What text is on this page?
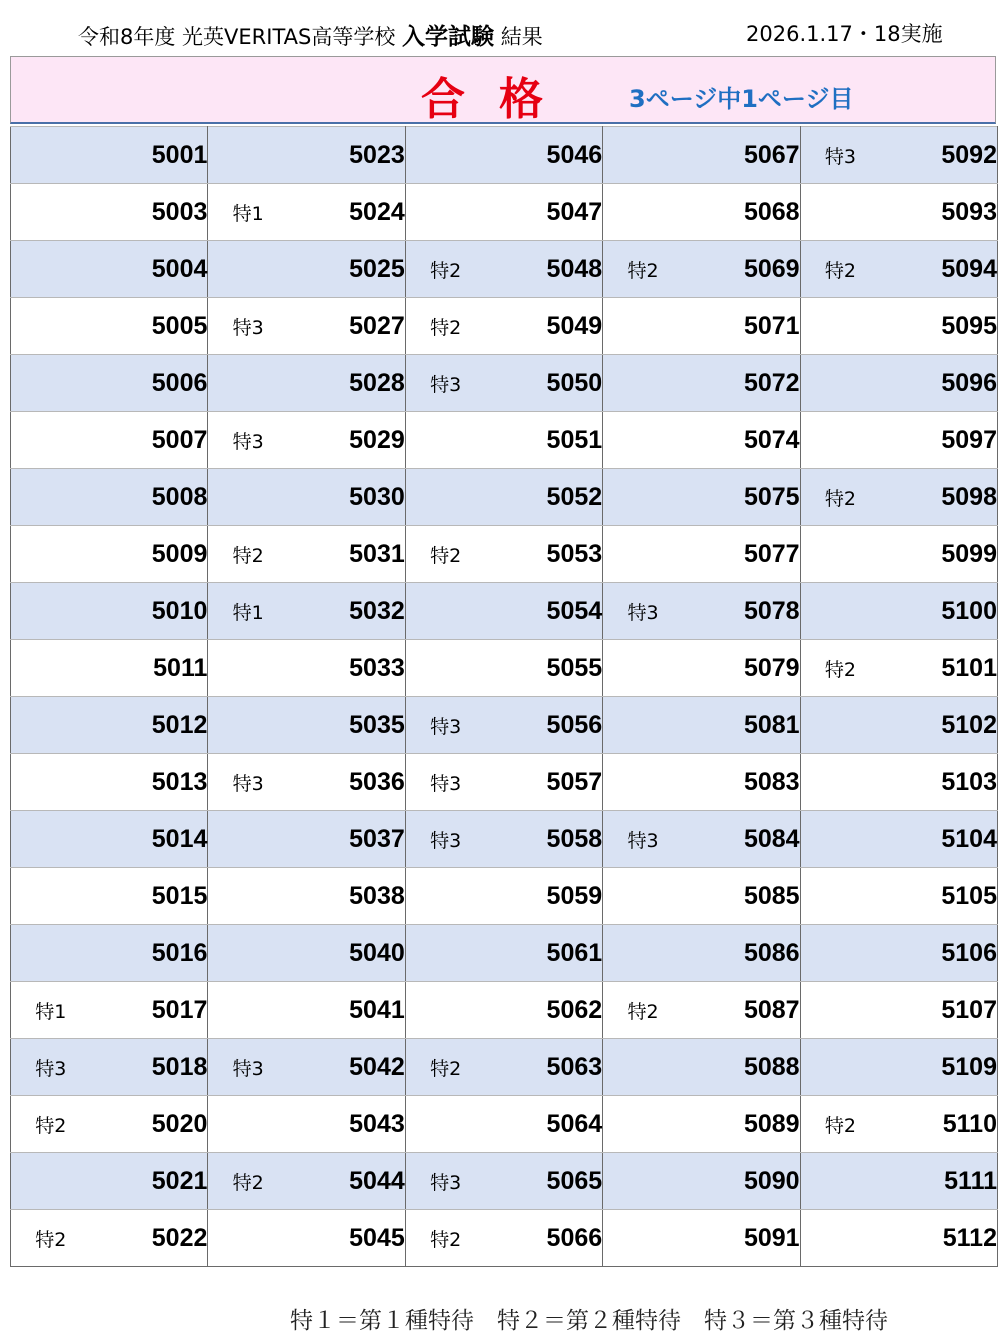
令和8年度 光英VERITAS高等学校 入学試験 結果	2026.1.17・18実施
合格 3ページ中1ページ目
	5001		5023		5046		5067	特3	5092
	5003	特1	5024		5047		5068		5093
	5004		5025	特2	5048	特2	5069	特2	5094
	5005	特3	5027	特2	5049		5071		5095
	5006		5028	特3	5050		5072		5096
	5007	特3	5029		5051		5074		5097
	5008		5030		5052		5075	特2	5098
	5009	特2	5031	特2	5053		5077		5099
	5010	特1	5032		5054	特3	5078		5100
	5011		5033		5055		5079	特2	5101
	5012		5035	特3	5056		5081		5102
	5013	特3	5036	特3	5057		5083		5103
	5014		5037	特3	5058	特3	5084		5104
	5015		5038		5059		5085		5105
	5016		5040		5061		5086		5106
特1	5017		5041		5062	特2	5087		5107
特3	5018	特3	5042	特2	5063		5088		5109
特2	5020		5043		5064		5089	特2	5110
	5021	特2	5044	特3	5065		5090		5111
特2	5022		5045	特2	5066		5091		5112
特１＝第１種特待　特２＝第２種特待　特３＝第３種特待
